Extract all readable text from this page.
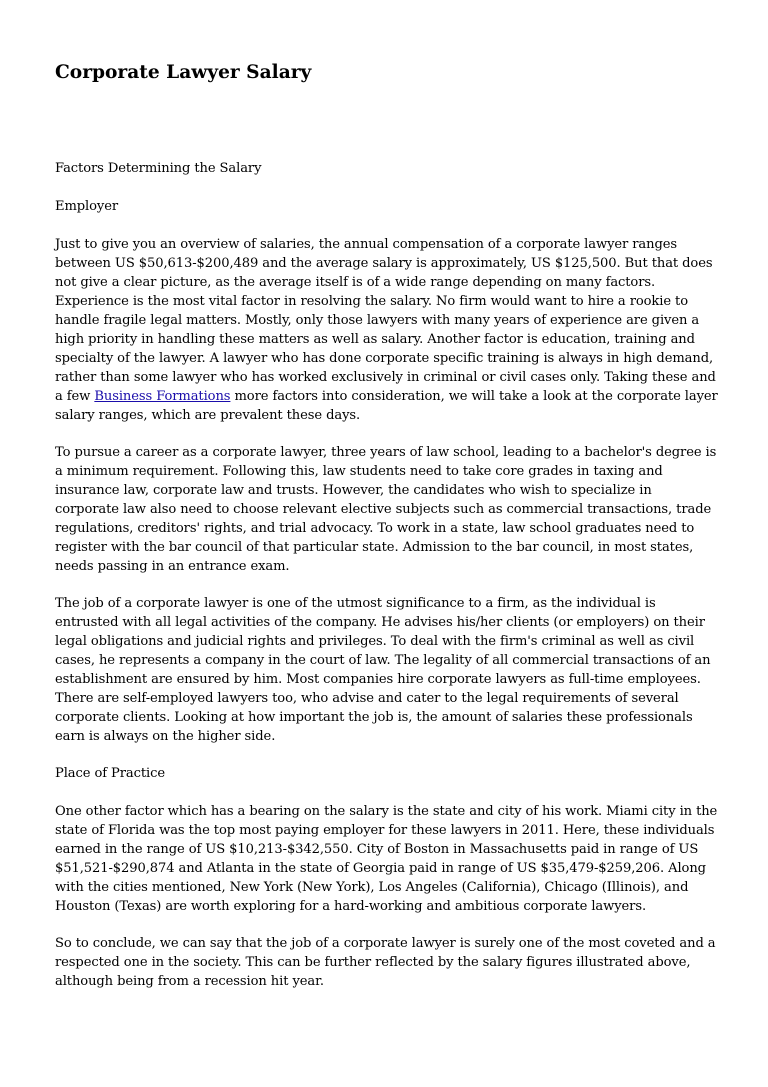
Corporate Lawyer Salary

Factors Determining the Salary

Employer

Just to give you an overview of salaries, the annual compensation of a corporate lawyer ranges
between US $50,613-$200,489 and the average salary is approximately, US $125,500. But that does
not give a clear picture, as the average itself is of a wide range depending on many factors.
Experience is the most vital factor in resolving the salary. No firm would want to hire a rookie to
handle fragile legal matters. Mostly, only those lawyers with many years of experience are given a
high priority in handling these matters as well as salary. Another factor is education, training and
specialty of the lawyer. A lawyer who has done corporate specific training is always in high demand,
rather than some lawyer who has worked exclusively in criminal or civil cases only. Taking these and
a few Business Formations more factors into consideration, we will take a look at the corporate layer
salary ranges, which are prevalent these days.

To pursue a career as a corporate lawyer, three years of law school, leading to a bachelor's degree is
a minimum requirement. Following this, law students need to take core grades in taxing and
insurance law, corporate law and trusts. However, the candidates who wish to specialize in
corporate law also need to choose relevant elective subjects such as commercial transactions, trade
regulations, creditors' rights, and trial advocacy. To work in a state, law school graduates need to
register with the bar council of that particular state. Admission to the bar council, in most states,
needs passing in an entrance exam.

The job of a corporate lawyer is one of the utmost significance to a firm, as the individual is
entrusted with all legal activities of the company. He advises his/her clients (or employers) on their
legal obligations and judicial rights and privileges. To deal with the firm's criminal as well as civil
cases, he represents a company in the court of law. The legality of all commercial transactions of an
establishment are ensured by him. Most companies hire corporate lawyers as full-time employees.
There are self-employed lawyers too, who advise and cater to the legal requirements of several
corporate clients. Looking at how important the job is, the amount of salaries these professionals
earn is always on the higher side.

Place of Practice

One other factor which has a bearing on the salary is the state and city of his work. Miami city in the
state of Florida was the top most paying employer for these lawyers in 2011. Here, these individuals
earned in the range of US $10,213-$342,550. City of Boston in Massachusetts paid in range of US
$51,521-$290,874 and Atlanta in the state of Georgia paid in range of US $35,479-$259,206. Along
with the cities mentioned, New York (New York), Los Angeles (California), Chicago (Illinois), and
Houston (Texas) are worth exploring for a hard-working and ambitious corporate lawyers.

So to conclude, we can say that the job of a corporate lawyer is surely one of the most coveted and a
respected one in the society. This can be further reflected by the salary figures illustrated above,
although being from a recession hit year.
